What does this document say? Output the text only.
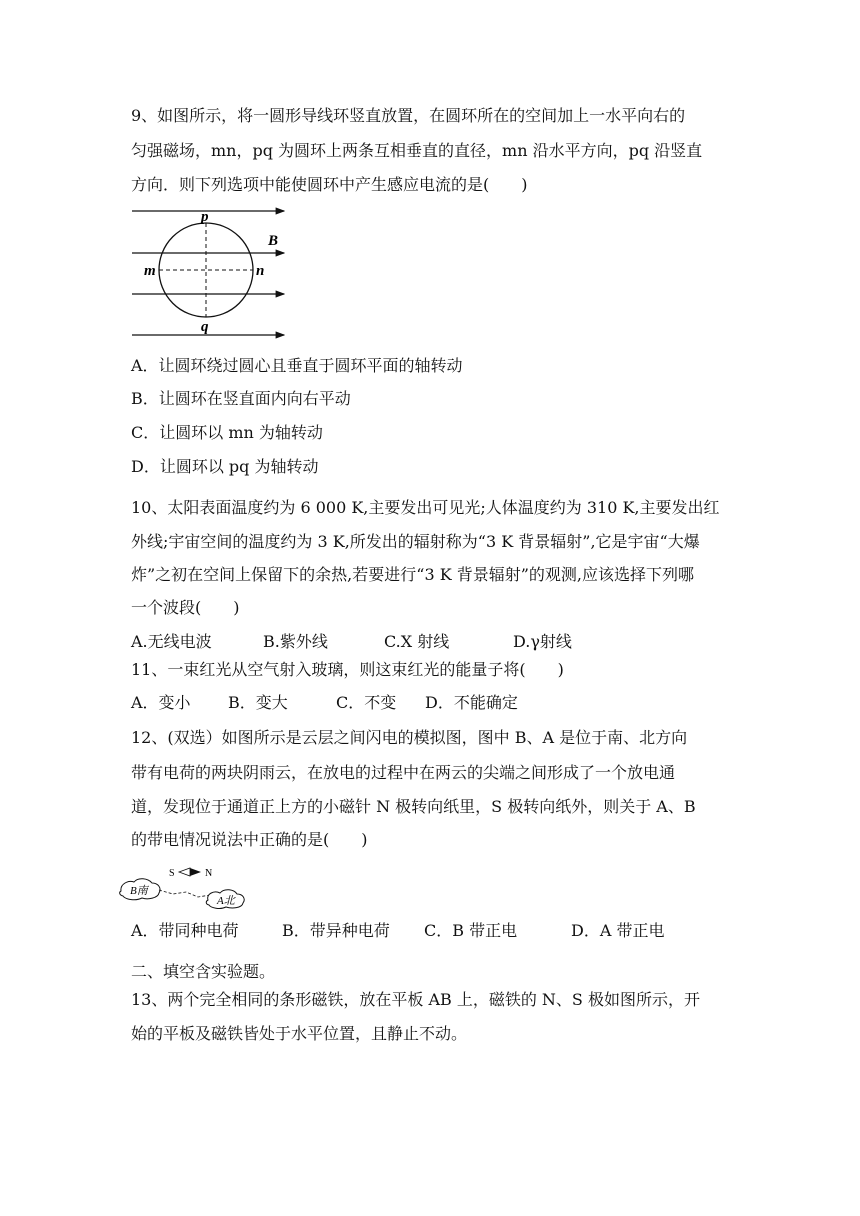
9、如图所示，将一圆形导线环竖直放置，在圆环所在的空间加上一水平向右的
匀强磁场，mn，pq 为圆环上两条互相垂直的直径，mn 沿水平方向，pq 沿竖直
方向．则下列选项中能使圆环中产生感应电流的是(　　)
p
q
m	n
B
A．让圆环绕过圆心且垂直于圆环平面的轴转动
B．让圆环在竖直面内向右平动
C．让圆环以 mn 为轴转动
D．让圆环以 pq 为轴转动
10、太阳表面温度约为 6 000 K,主要发出可见光;人体温度约为 310 K,主要发出红
外线;宇宙空间的温度约为 3 K,所发出的辐射称为“3 K 背景辐射”,它是宇宙“大爆
炸”之初在空间上保留下的余热,若要进行“3 K 背景辐射”的观测,应该选择下列哪
一个波段(　　)
A.无线电波	B.紫外线	C.X 射线	D.γ射线
11、一束红光从空气射入玻璃，则这束红光的能量子将(　　)
A．变小 B．变大	C．不变 D．不能确定
12、(双选）如图所示是云层之间闪电的模拟图，图中 B、A 是位于南、北方向
带有电荷的两块阴雨云，在放电的过程中在两云的尖端之间形成了一个放电通
道，发现位于通道正上方的小磁针 N 极转向纸里，S 极转向纸外，则关于 A、B
的带电情况说法中正确的是(　　)
S	N
B南
A北
A．带同种电荷	B．带异种电荷 C．B 带正电	D．A 带正电
二、填空含实验题。
13、两个完全相同的条形磁铁，放在平板 AB 上，磁铁的 N、S 极如图所示，开
始的平板及磁铁皆处于水平位置，且静止不动。
